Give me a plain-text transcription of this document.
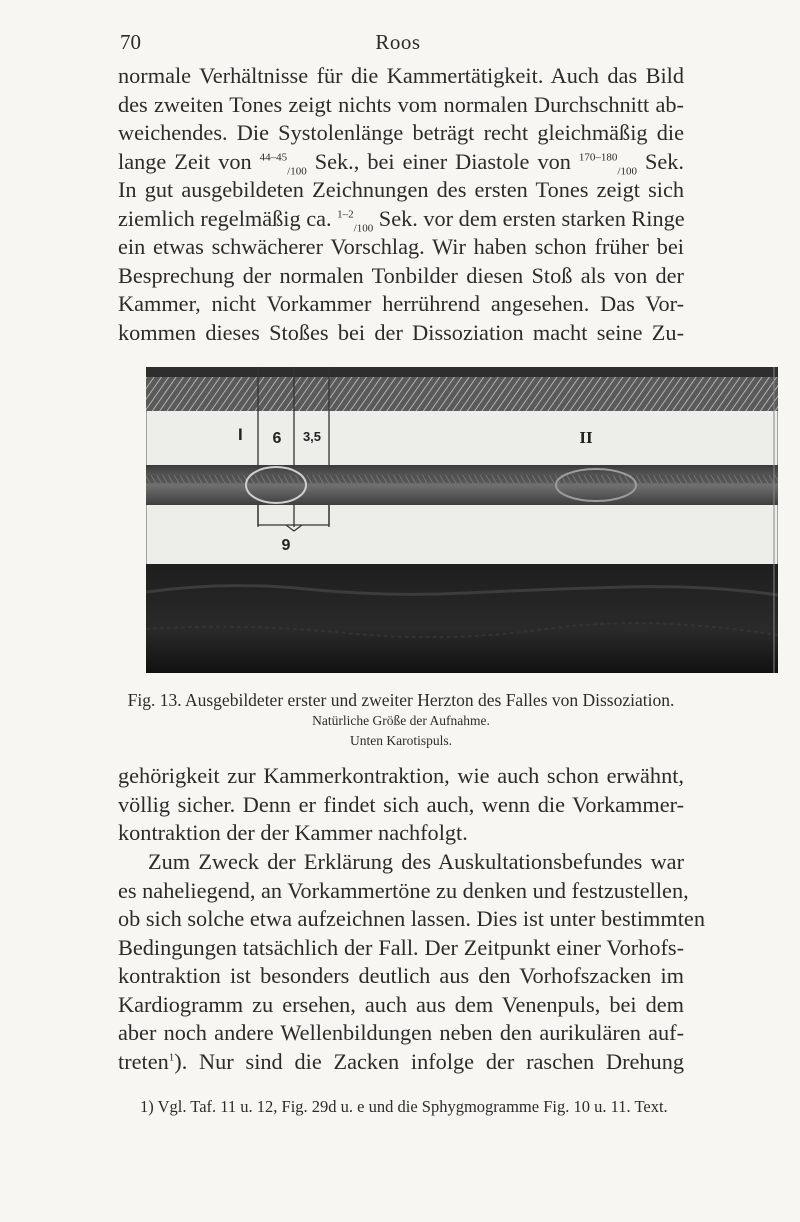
70	Roos
normale Verhältnisse für die Kammertätigkeit. Auch das Bild
des zweiten Tones zeigt nichts vom normalen Durchschnitt ab-
weichendes. Die Systolenlänge beträgt recht gleichmäßig die
lange Zeit von $^{44-45}_{/100}$ Sek., bei einer Diastole von $^{170-180}_{/100}$ Sek.
In gut ausgebildeten Zeichnungen des ersten Tones zeigt sich
ziemlich regelmäßig ca. $^{1-2}_{/100}$ Sek. vor dem ersten starken Ringe
ein etwas schwächerer Vorschlag. Wir haben schon früher bei
Besprechung der normalen Tonbilder diesen Stoß als von der
Kammer, nicht Vorkammer herrührend angesehen. Das Vor-
kommen dieses Stoßes bei der Dissoziation macht seine Zu-
I 6 3,5	II
9
Fig. 13. Ausgebildeter erster und zweiter Herzton des Falles von Dissoziation.
Natürliche Größe der Aufnahme.
Unten Karotispuls.
gehörigkeit zur Kammerkontraktion, wie auch schon erwähnt,
völlig sicher. Denn er findet sich auch, wenn die Vorkammer-
kontraktion der der Kammer nachfolgt.
Zum Zweck der Erklärung des Auskultationsbefundes war
es naheliegend, an Vorkammertöne zu denken und festzustellen,
ob sich solche etwa aufzeichnen lassen. Dies ist unter bestimmten
Bedingungen tatsächlich der Fall. Der Zeitpunkt einer Vorhofs-
kontraktion ist besonders deutlich aus den Vorhofszacken im
Kardiogramm zu ersehen, auch aus dem Venenpuls, bei dem
aber noch andere Wellenbildungen neben den aurikulären auf-
treten$^1$). Nur sind die Zacken infolge der raschen Drehung
1) Vgl. Taf. 11 u. 12, Fig. 29d u. e und die Sphygmogramme Fig. 10 u. 11. Text.
